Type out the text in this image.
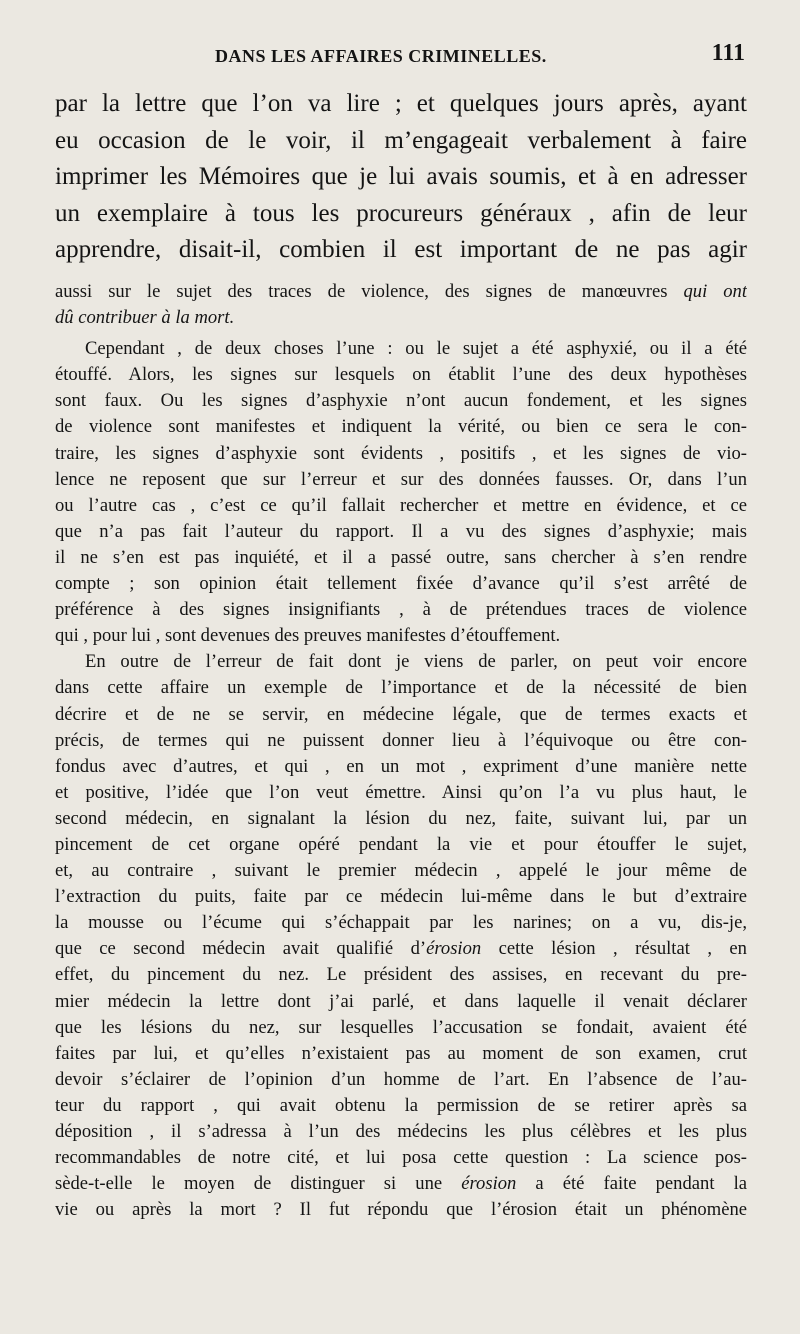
DANS LES AFFAIRES CRIMINELLES.	111
par la lettre que l’on va lire ; et quelques jours après, ayant
eu occasion de le voir, il m’engageait verbalement à faire
imprimer les Mémoires que je lui avais soumis, et à en adresser
un exemplaire à tous les procureurs généraux , afin de leur
apprendre, disait-il, combien il est important de ne pas agir
aussi sur le sujet des traces de violence, des signes de manœuvres qui ont
dû contribuer à la mort.
Cependant , de deux choses l’une : ou le sujet a été asphyxié, ou il a été
étouffé. Alors, les signes sur lesquels on établit l’une des deux hypothèses
sont faux. Ou les signes d’asphyxie n’ont aucun fondement, et les signes
de violence sont manifestes et indiquent la vérité, ou bien ce sera le con-
traire, les signes d’asphyxie sont évidents , positifs , et les signes de vio-
lence ne reposent que sur l’erreur et sur des données fausses. Or, dans l’un
ou l’autre cas , c’est ce qu’il fallait rechercher et mettre en évidence, et ce
que n’a pas fait l’auteur du rapport. Il a vu des signes d’asphyxie; mais
il ne s’en est pas inquiété, et il a passé outre, sans chercher à s’en rendre
compte ; son opinion était tellement fixée d’avance qu’il s’est arrêté de
préférence à des signes insignifiants , à de prétendues traces de violence
qui , pour lui , sont devenues des preuves manifestes d’étouffement.
En outre de l’erreur de fait dont je viens de parler, on peut voir encore
dans cette affaire un exemple de l’importance et de la nécessité de bien
décrire et de ne se servir, en médecine légale, que de termes exacts et
précis, de termes qui ne puissent donner lieu à l’équivoque ou être con-
fondus avec d’autres, et qui , en un mot , expriment d’une manière nette
et positive, l’idée que l’on veut émettre. Ainsi qu’on l’a vu plus haut, le
second médecin, en signalant la lésion du nez, faite, suivant lui, par un
pincement de cet organe opéré pendant la vie et pour étouffer le sujet,
et, au contraire , suivant le premier médecin , appelé le jour même de
l’extraction du puits, faite par ce médecin lui-même dans le but d’extraire
la mousse ou l’écume qui s’échappait par les narines; on a vu, dis-je,
que ce second médecin avait qualifié d’érosion cette lésion , résultat , en
effet, du pincement du nez. Le président des assises, en recevant du pre-
mier médecin la lettre dont j’ai parlé, et dans laquelle il venait déclarer
que les lésions du nez, sur lesquelles l’accusation se fondait, avaient été
faites par lui, et qu’elles n’existaient pas au moment de son examen, crut
devoir s’éclairer de l’opinion d’un homme de l’art. En l’absence de l’au-
teur du rapport , qui avait obtenu la permission de se retirer après sa
déposition , il s’adressa à l’un des médecins les plus célèbres et les plus
recommandables de notre cité, et lui posa cette question : La science pos-
sède-t-elle le moyen de distinguer si une érosion a été faite pendant la
vie ou après la mort ? Il fut répondu que l’érosion était un phénomène
